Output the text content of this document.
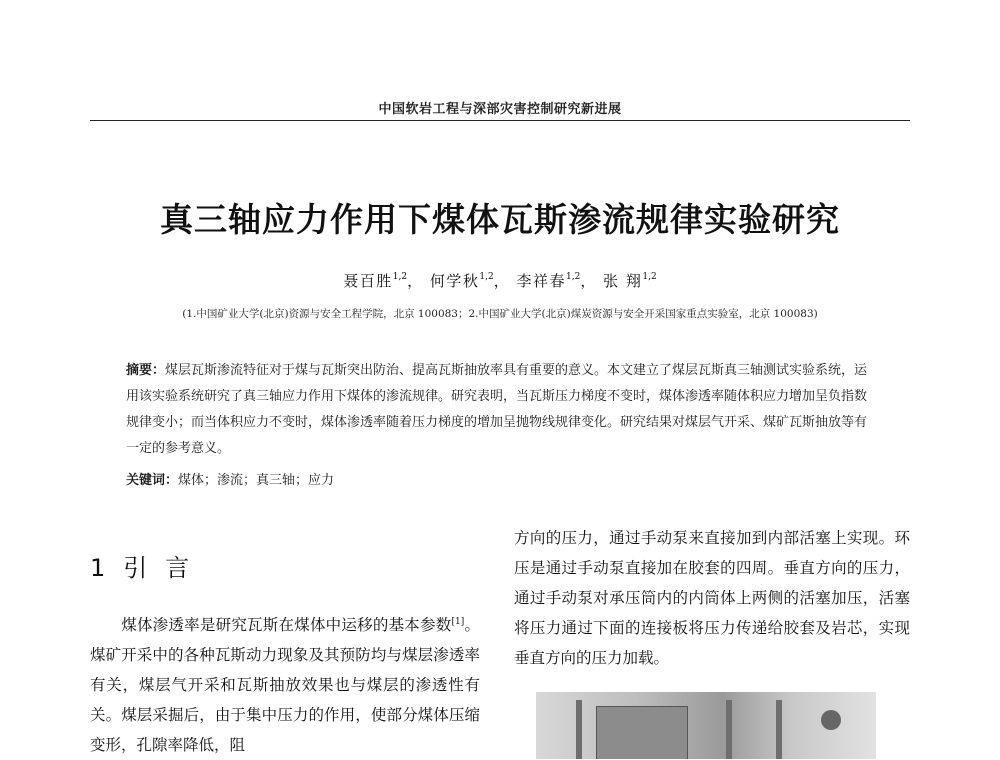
中国软岩工程与深部灾害控制研究新进展
真三轴应力作用下煤体瓦斯渗流规律实验研究
聂百胜$^{1,2}$， 何学秋$^{1,2}$， 李祥春$^{1,2}$， 张 翔$^{1,2}$
(1.中国矿业大学(北京)资源与安全工程学院，北京 100083；2.中国矿业大学(北京)煤炭资源与安全开采国家重点实验室，北京 100083)

摘要：煤层瓦斯渗流特征对于煤与瓦斯突出防治、提高瓦斯抽放率具有重要的意义。本文建立了煤层瓦斯真三轴测试实验系统，运用该实验系统研究了真三轴应力作用下煤体的渗流规律。研究表明，当瓦斯压力梯度不变时，煤体渗透率随体积应力增加呈负指数规律变小；而当体积应力不变时，煤体渗透率随着压力梯度的增加呈抛物线规律变化。研究结果对煤层气开采、煤矿瓦斯抽放等有一定的参考意义。

关键词：煤体；渗流；真三轴；应力

1 引言

煤体渗透率是研究瓦斯在煤体中运移的基本参数[1]。煤矿开采中的各种瓦斯动力现象及其预防均与煤层渗透率有关，煤层气开采和瓦斯抽放效果也与煤层的渗透性有关。煤层采掘后，由于集中压力的作用，使部分煤体压缩变形，孔隙率降低，阻

方向的压力，通过手动泵来直接加到内部活塞上实现。环压是通过手动泵直接加在胶套的四周。垂直方向的压力，通过手动泵对承压筒内的内筒体上两侧的活塞加压，活塞将压力通过下面的连接板将压力传递给胶套及岩芯，实现垂直方向的压力加载。
